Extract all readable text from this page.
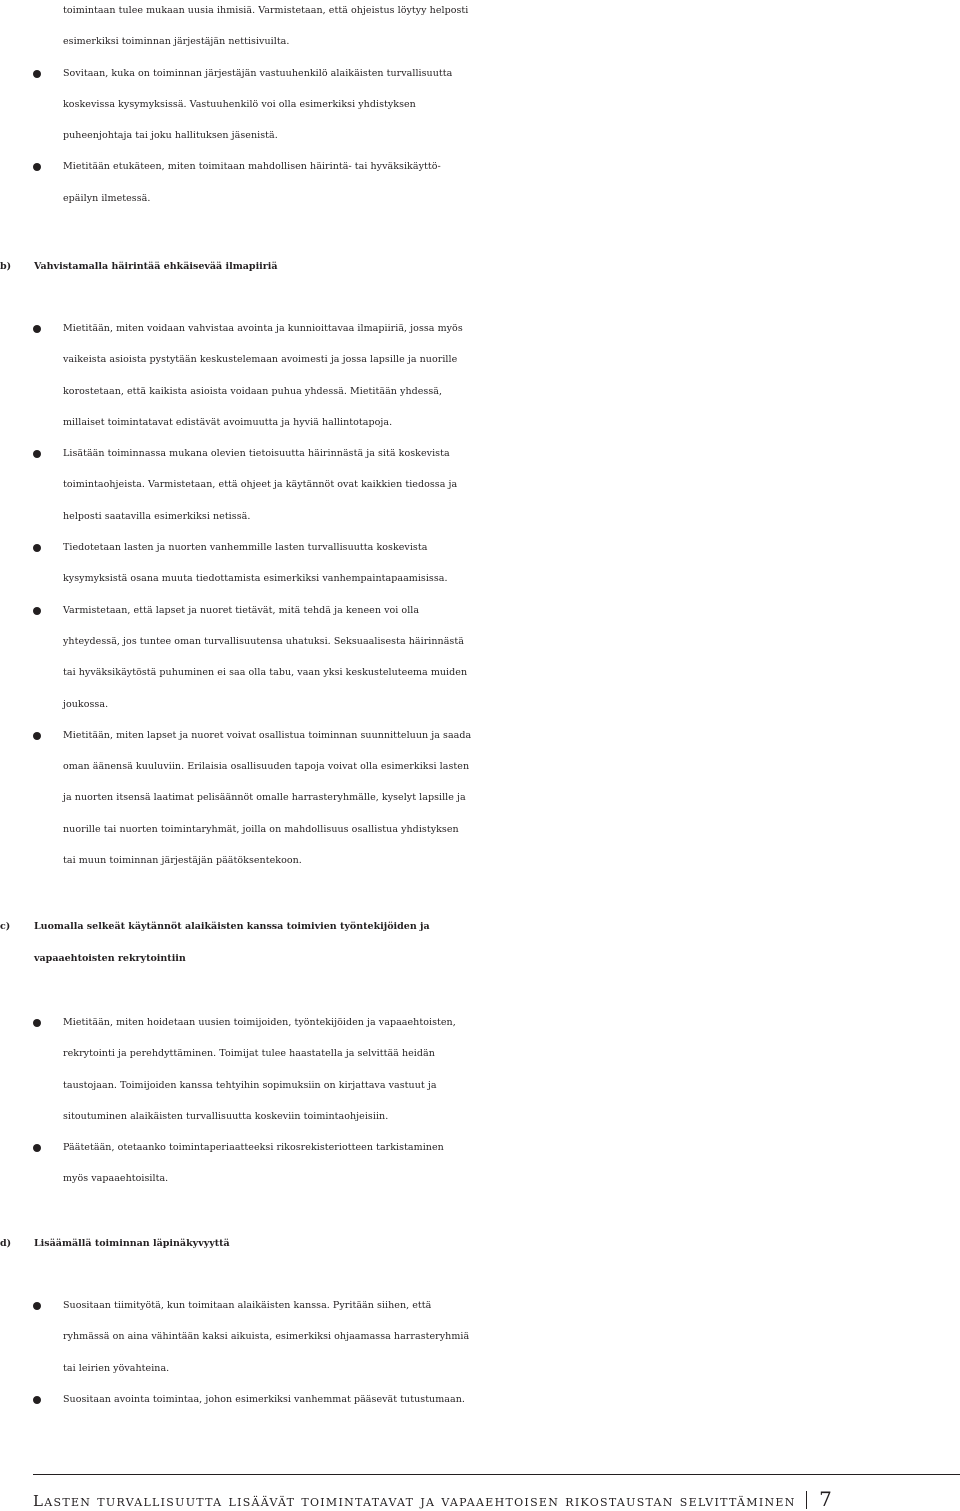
toimintaan tulee mukaan uusia ihmisiä. Varmistetaan, että ohjeistus löytyy helposti
esimerkiksi toiminnan järjestäjän nettisivuilta.
Sovitaan, kuka on toiminnan järjestäjän vastuuhenkilö alaikäisten turvallisuutta
koskevissa kysymyksissä. Vastuuhenkilö voi olla esimerkiksi yhdistyksen
puheenjohtaja tai joku hallituksen jäsenistä.
Mietitään etukäteen, miten toimitaan mahdollisen häirintä- tai hyväksikäyttö-
epäilyn ilmetessä.
b) Vahvistamalla häirintää ehkäisevää ilmapiiriä
Mietitään, miten voidaan vahvistaa avointa ja kunnioittavaa ilmapiiriä, jossa myös
vaikeista asioista pystytään keskustelemaan avoimesti ja jossa lapsille ja nuorille
korostetaan, että kaikista asioista voidaan puhua yhdessä. Mietitään yhdessä,
millaiset toimintatavat edistävät avoimuutta ja hyviä hallintotapoja.
Lisätään toiminnassa mukana olevien tietoisuutta häirinnästä ja sitä koskevista
toimintaohjeista. Varmistetaan, että ohjeet ja käytännöt ovat kaikkien tiedossa ja
helposti saatavilla esimerkiksi netissä.
Tiedotetaan lasten ja nuorten vanhemmille lasten turvallisuutta koskevista
kysymyksistä osana muuta tiedottamista esimerkiksi vanhempaintapaamisissa.
Varmistetaan, että lapset ja nuoret tietävät, mitä tehdä ja keneen voi olla
yhteydessä, jos tuntee oman turvallisuutensa uhatuksi. Seksuaalisesta häirinnästä
tai hyväksikäytöstä puhuminen ei saa olla tabu, vaan yksi keskusteluteema muiden
joukossa.
Mietitään, miten lapset ja nuoret voivat osallistua toiminnan suunnitteluun ja saada
oman äänensä kuuluviin. Erilaisia osallisuuden tapoja voivat olla esimerkiksi lasten
ja nuorten itsensä laatimat pelisäännöt omalle harrasteryhmälle, kyselyt lapsille ja
nuorille tai nuorten toimintaryhmät, joilla on mahdollisuus osallistua yhdistyksen
tai muun toiminnan järjestäjän päätöksentekoon.
c) Luomalla selkeät käytännöt alaikäisten kanssa toimivien työntekijöiden ja
vapaaehtoisten rekrytointiin
Mietitään, miten hoidetaan uusien toimijoiden, työntekijöiden ja vapaaehtoisten,
rekrytointi ja perehdyttäminen. Toimijat tulee haastatella ja selvittää heidän
taustojaan. Toimijoiden kanssa tehtyihin sopimuksiin on kirjattava vastuut ja
sitoutuminen alaikäisten turvallisuutta koskeviin toimintaohjeisiin.
Päätetään, otetaanko toimintaperiaatteeksi rikosrekisteriotteen tarkistaminen
myös vapaaehtoisilta.
d) Lisäämällä toiminnan läpinäkyvyyttä
Suositaan tiimityötä, kun toimitaan alaikäisten kanssa. Pyritään siihen, että
ryhmässä on aina vähintään kaksi aikuista, esimerkiksi ohjaamassa harrasteryhmiä
tai leirien yövahteina.
Suositaan avointa toimintaa, johon esimerkiksi vanhemmat pääsevät tutustumaan.
Lasten turvallisuutta lisäävät toimintatavat ja vapaaehtoisen rikostaustan selvittäminen 7
